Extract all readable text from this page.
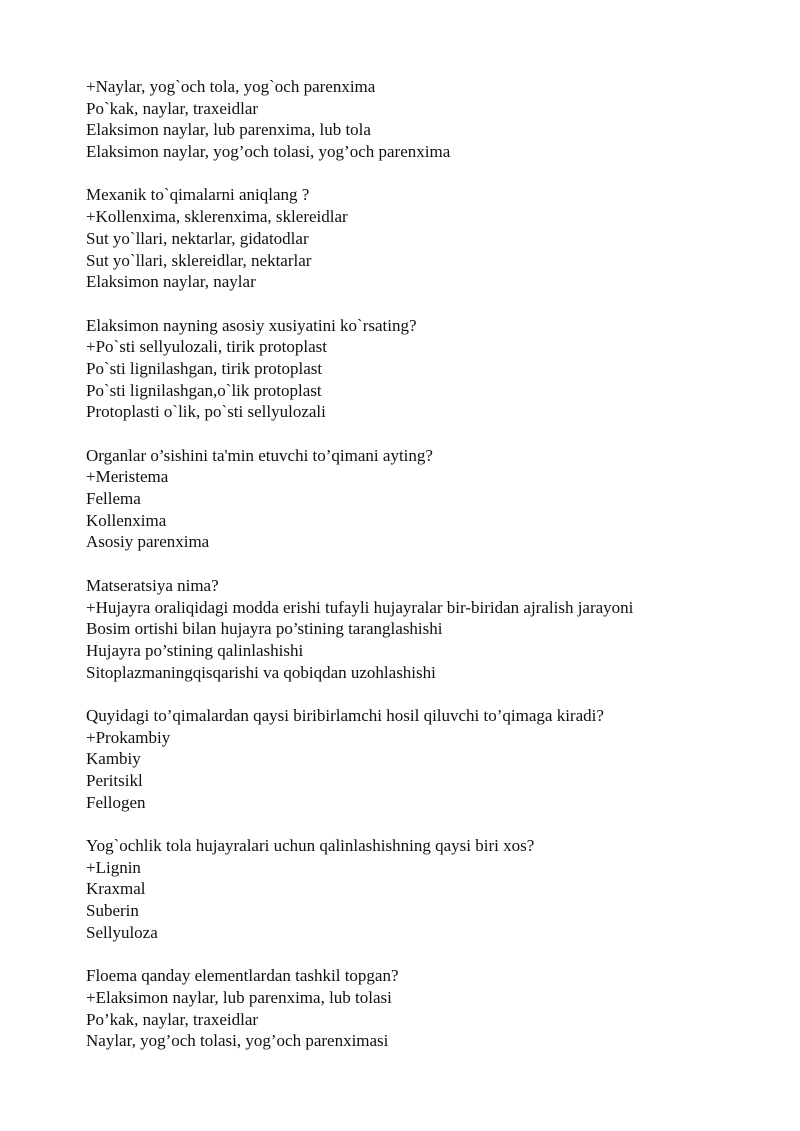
+Naylar, yog`och tola, yog`och parenxima
Po`kak, naylar, traxeidlar
Elaksimon naylar, lub parenxima, lub tola
Elaksimon naylar, yog’och tolasi, yog’och parenxima
Mexanik to`qimalarni aniqlang ?
+Kollenxima, sklerenxima, sklereidlar
Sut yo`llari, nektarlar, gidatodlar
Sut yo`llari, sklereidlar, nektarlar
Elaksimon naylar, naylar
Elaksimon nayning asosiy xusiyatini ko`rsating?
+Po`sti sellyulozali, tirik protoplast
Po`sti lignilashgan, tirik protoplast
Po`sti lignilashgan,o`lik protoplast
Protoplasti o`lik, po`sti sellyulozali
Organlar o’sishini ta'min etuvchi to’qimani ayting?
+Meristema
Fellema
Kollenxima
Asosiy parenxima
Matseratsiya nima?
+Hujayra oraliqidagi modda erishi tufayli hujayralar bir-biridan ajralish jarayoni
Bosim ortishi bilan hujayra po’stining taranglashishi
Hujayra po’stining qalinlashishi
Sitoplazmaningqisqarishi va qobiqdan uzohlashishi
Quyidagi to’qimalardan qaysi biribirlamchi hosil qiluvchi to’qimaga kiradi?
+Prokambiy
Kambiy
Peritsikl
Fellogen
Yog`ochlik tola hujayralari uchun qalinlashishning qaysi biri xos?
+Lignin
Kraxmal
Suberin
Sellyuloza
Floema qanday elementlardan tashkil topgan?
+Elaksimon naylar, lub parenxima, lub tolasi
Po’kak, naylar, traxeidlar
Naylar, yog’och tolasi, yog’och parenximasi
